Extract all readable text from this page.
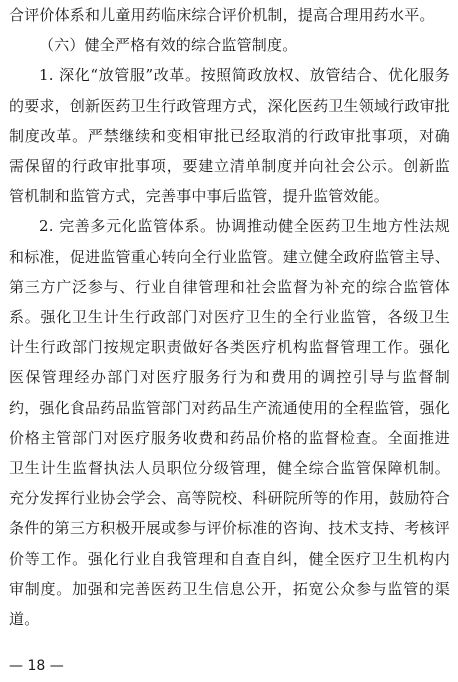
合评价体系和儿童用药临床综合评价机制，提高合理用药水平。
（六）健全严格有效的综合监管制度。
1. 深化“放管服”改革。按照简政放权、放管结合、优化服务
的要求，创新医药卫生行政管理方式，深化医药卫生领域行政审批
制度改革。严禁继续和变相审批已经取消的行政审批事项，对确
需保留的行政审批事项，要建立清单制度并向社会公示。创新监
管机制和监管方式，完善事中事后监管，提升监管效能。
2. 完善多元化监管体系。协调推动健全医药卫生地方性法规
和标准，促进监管重心转向全行业监管。建立健全政府监管主导、
第三方广泛参与、行业自律管理和社会监督为补充的综合监管体
系。强化卫生计生行政部门对医疗卫生的全行业监管，各级卫生
计生行政部门按规定职责做好各类医疗机构监督管理工作。强化
医保管理经办部门对医疗服务行为和费用的调控引导与监督制
约，强化食品药品监管部门对药品生产流通使用的全程监管，强化
价格主管部门对医疗服务收费和药品价格的监督检查。全面推进
卫生计生监督执法人员职位分级管理，健全综合监管保障机制。
充分发挥行业协会学会、高等院校、科研院所等的作用，鼓励符合
条件的第三方积极开展或参与评价标准的咨询、技术支持、考核评
价等工作。强化行业自我管理和自查自纠，健全医疗卫生机构内
审制度。加强和完善医药卫生信息公开，拓宽公众参与监管的渠
道。
— 18 —
